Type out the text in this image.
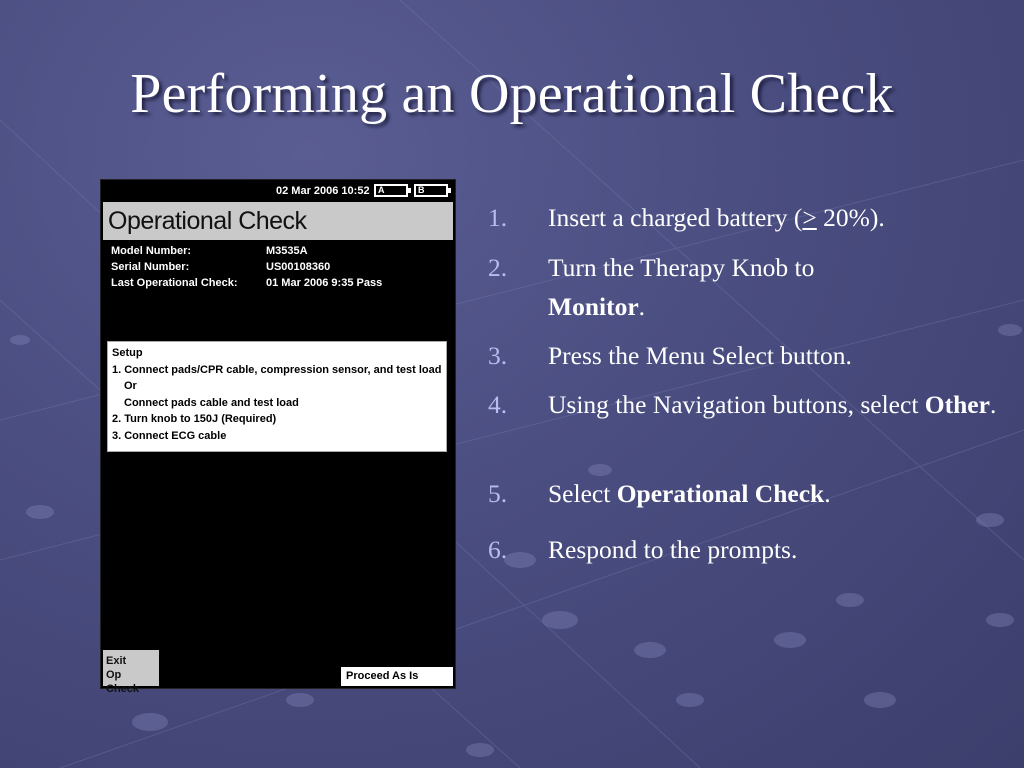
Performing an Operational Check
02 Mar 2006 10:52 A	B
Operational Check
Model Number:	M3535A
Serial Number:	US00108360
Last Operational Check:	01 Mar 2006 9:35 Pass
Setup
1. Connect pads/CPR cable, compression sensor, and test load
Or
Connect pads cable and test load
2. Turn knob to 150J (Required)
3. Connect ECG cable
Exit
Op Check
Proceed As Is
1. Insert a charged battery (≥ 20%).
2. Turn the Therapy Knob to
Monitor.
3. Press the Menu Select button.
4. Using the Navigation buttons, select Other.
5. Select Operational Check.
6. Respond to the prompts.
